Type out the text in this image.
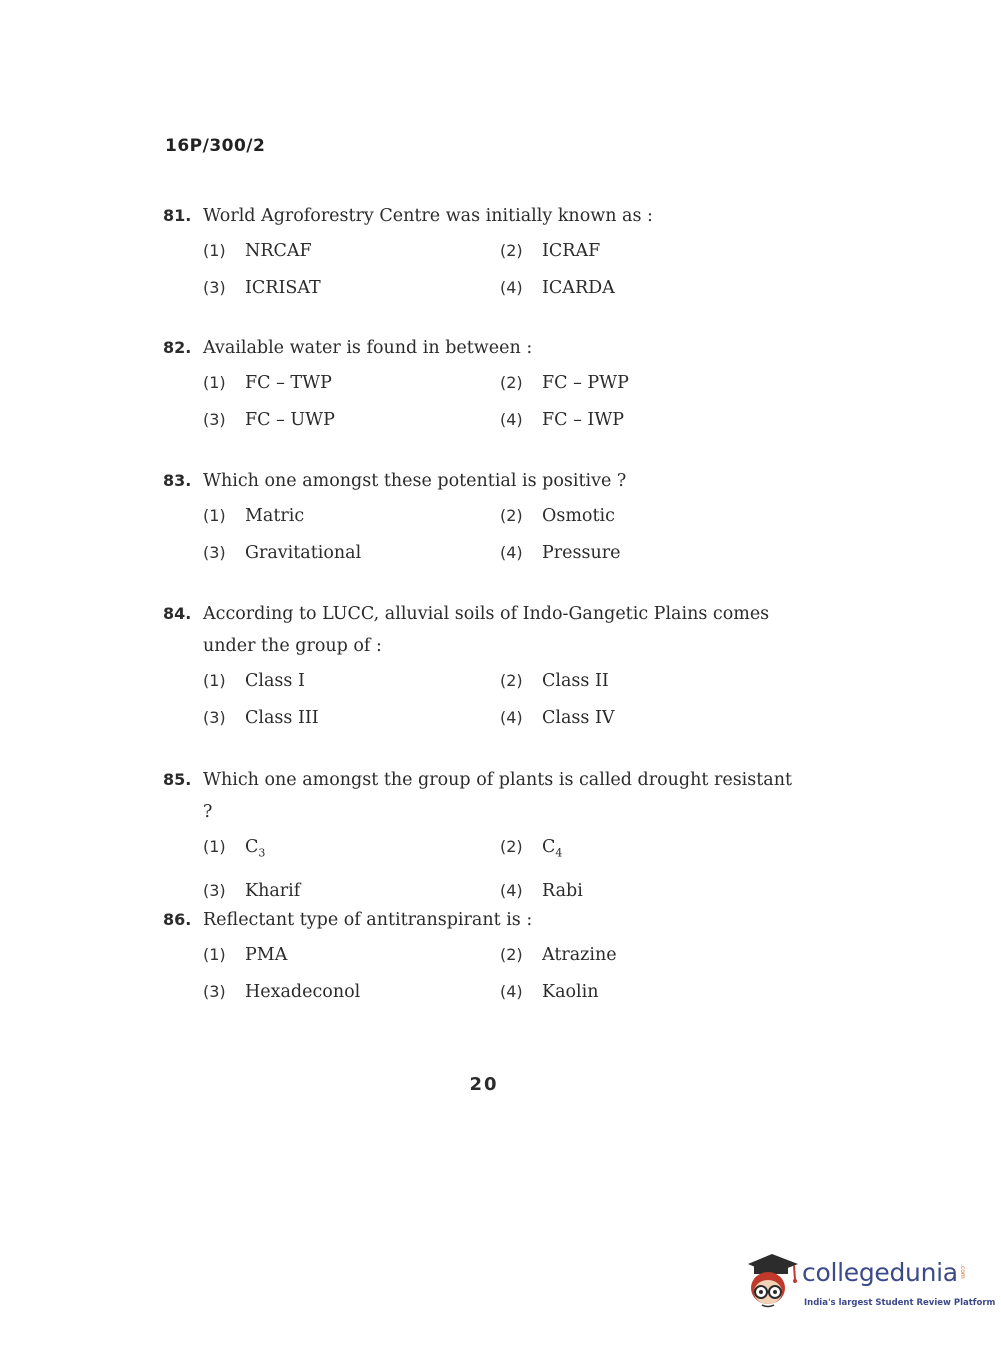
16P/300/2
81. World Agroforestry Centre was initially known as :
(1)	NRCAF	(2)	ICRAF
(3)	ICRISAT	(4)	ICARDA
82. Available water is found in between :
(1)	FC – TWP	(2)	FC – PWP
(3)	FC – UWP	(4)	FC – IWP
83. Which one amongst these potential is positive ?
(1)	Matric	(2)	Osmotic
(3)	Gravitational	(4)	Pressure
84. According to LUCC, alluvial soils of Indo-Gangetic Plains comes under the group of :
(1)	Class I	(2)	Class II
(3)	Class III	(4)	Class IV
85. Which one amongst the group of plants is called drought resistant ?
(1)	$C_3$	(2)	$C_4$
(3)	Kharif	(4)	Rabi
86. Reflectant type of antitranspirant is :
(1)	PMA	(2)	Atrazine
(3)	Hexadeconol	(4)	Kaolin
20
collegedunia .com
India's largest Student Review Platform
